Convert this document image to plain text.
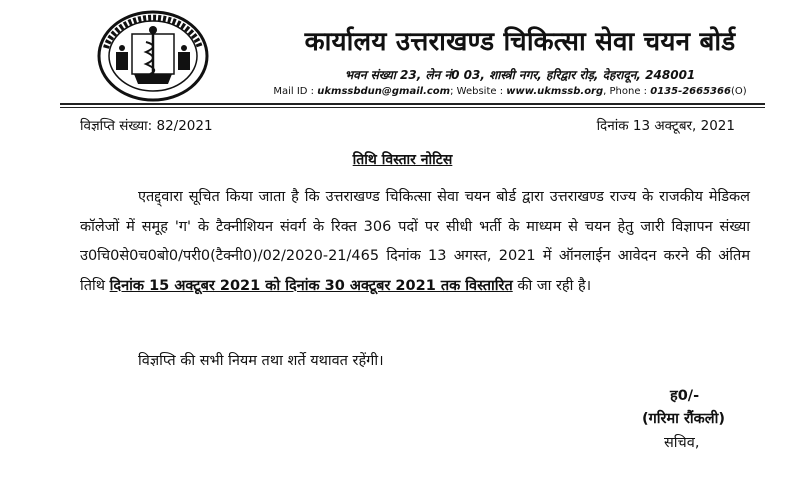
कार्यालय उत्तराखण्ड चिकित्सा सेवा चयन बोर्ड
भवन संख्या 23, लेन नं0 03, शास्त्री नगर, हरिद्वार रोड़, देहरादून, 248001
Mail ID : ukmssbdun@gmail.com; Website : www.ukmssb.org, Phone : 0135-2665366(O)
विज्ञप्ति संख्या: 82/2021	दिनांक 13 अक्टूबर, 2021
तिथि विस्तार नोटिस
एतद्द्वारा सूचित किया जाता है कि उत्तराखण्ड चिकित्सा सेवा चयन बोर्ड द्वारा उत्तराखण्ड राज्य के राजकीय मेडिकल कॉलेजों में समूह 'ग' के टैक्नीशियन संवर्ग के रिक्त 306 पदों पर सीधी भर्ती के माध्यम से चयन हेतु जारी विज्ञापन संख्या उ0चि0से0च0बो0/परी0(टैक्नी0)/02/2020-21/465 दिनांक 13 अगस्त, 2021 में ऑनलाईन आवेदन करने की अंतिम तिथि दिनांक 15 अक्टूबर 2021 को दिनांक 30 अक्टूबर 2021 तक विस्तारित की जा रही है।
विज्ञप्ति की सभी नियम तथा शर्ते यथावत रहेंगी।
ह0/-
(गरिमा रौंकली)
सचिव,
